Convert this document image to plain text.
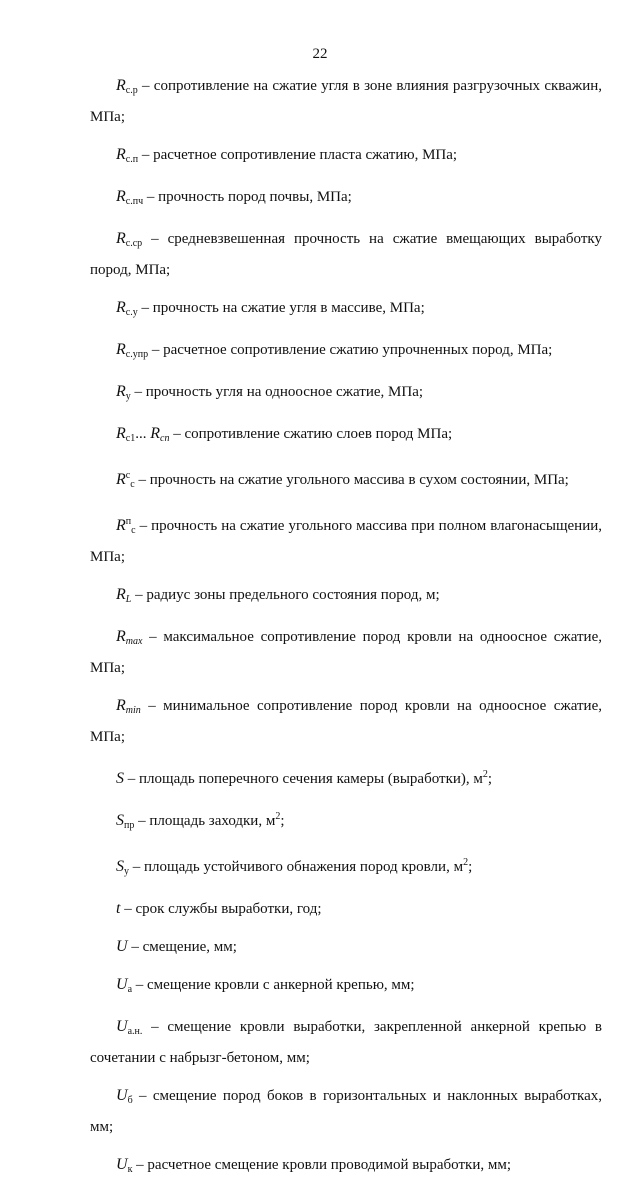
22

$R_{с.р}$ – сопротивление на сжатие угля в зоне влияния разгрузочных скважин, МПа;

$R_{с.п}$ – расчетное сопротивление пласта сжатию, МПа;

$R_{с.пч}$ – прочность пород почвы, МПа;

$R_{с.ср}$ – средневзвешенная прочность на сжатие вмещающих выработку пород, МПа;

$R_{с.у}$ – прочность на сжатие угля в массиве, МПа;

$R_{с.упр}$ – расчетное сопротивление сжатию упрочненных пород, МПа;

$R_у$ – прочность угля на одноосное сжатие, МПа;

$R_{с1}$... $R_{cn}$ – сопротивление сжатию слоев пород МПа;

$R^с_с$ – прочность на сжатие угольного массива в сухом состоянии, МПа;

$R^п_с$ – прочность на сжатие угольного массива при полном влагонасыщении, МПа;

$R_L$ – радиус зоны предельного состояния пород, м;

$R_{max}$ – максимальное сопротивление пород кровли на одноосное сжатие, МПа;

$R_{min}$ – минимальное сопротивление пород кровли на одноосное сжатие, МПа;

S – площадь поперечного сечения камеры (выработки), $м^2$;

$S_{пр}$ – площадь заходки, $м^2$;

$S_у$ – площадь устойчивого обнажения пород кровли, $м^2$;

t – срок службы выработки, год;

U – смещение, мм;

$U_а$ – смещение кровли с анкерной крепью, мм;

$U_{а.н.}$ – смещение кровли выработки, закрепленной анкерной крепью в сочетании с набрызг-бетоном, мм;

$U_б$ – смещение пород боков в горизонтальных и наклонных выработках, мм;

$U_к$ – расчетное смещение кровли проводимой выработки, мм;
